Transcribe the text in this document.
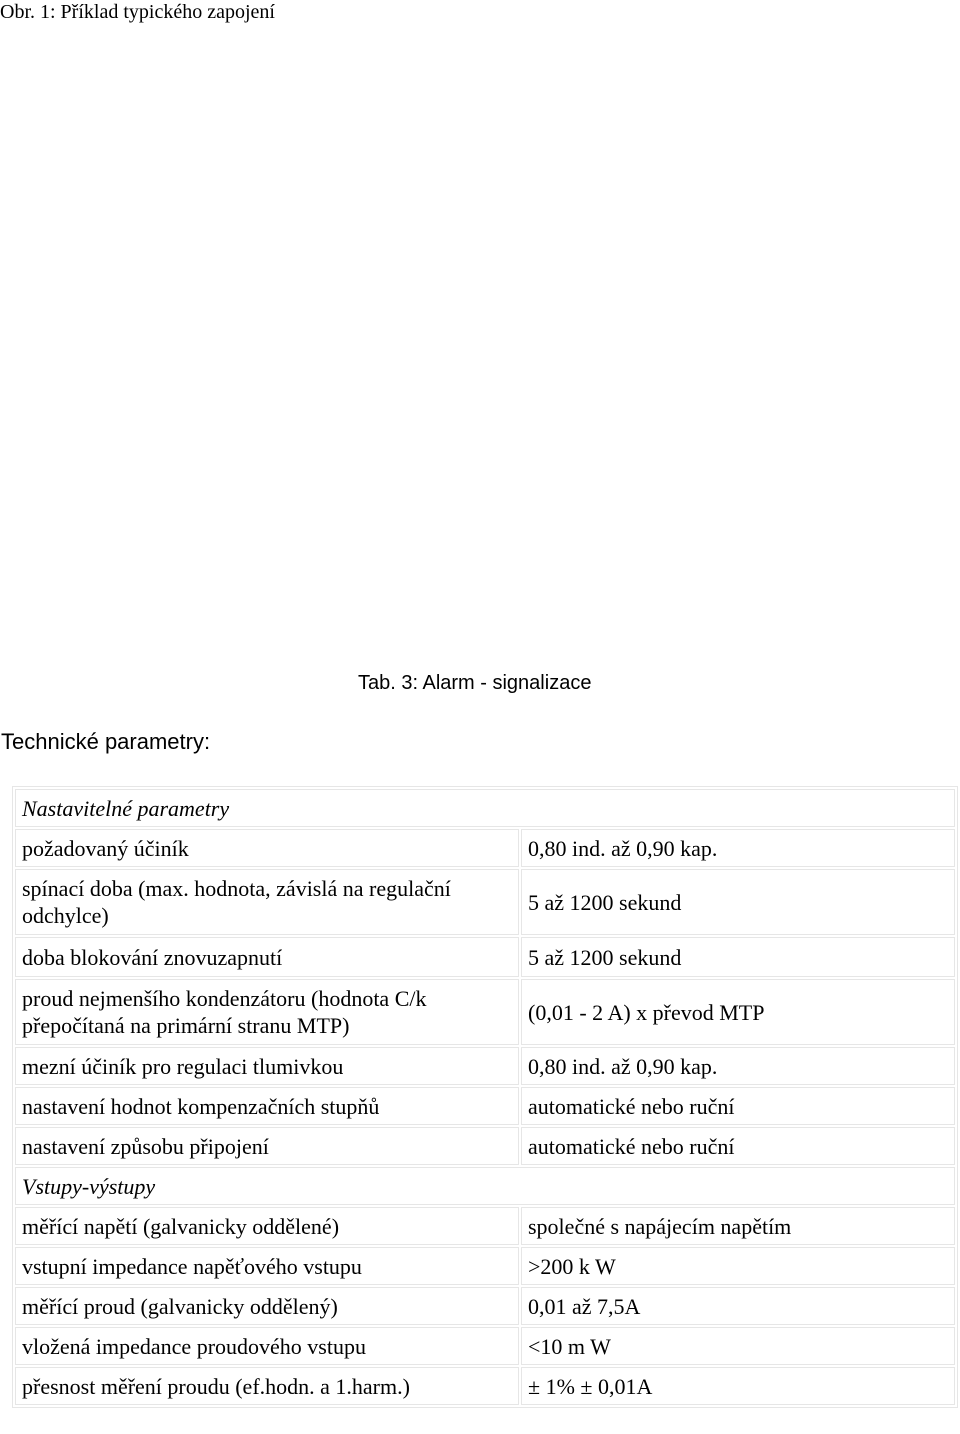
Obr. 1: Příklad typického zapojení
Tab. 3: Alarm - signalizace
Technické parametry:
Nastavitelné parametry	
požadovaný účiník	0,80 ind. až 0,90 kap.
spínací doba (max. hodnota, závislá na regulační odchylce)	5 až 1200 sekund
doba blokování znovuzapnutí	5 až 1200 sekund
proud nejmenšího kondenzátoru (hodnota C/k přepočítaná na primární stranu MTP)	(0,01 - 2 A) x převod MTP
mezní účiník pro regulaci tlumivkou	0,80 ind. až 0,90 kap.
nastavení hodnot kompenzačních stupňů	automatické nebo ruční
nastavení způsobu připojení	automatické nebo ruční
Vstupy-výstupy	
měřící napětí (galvanicky oddělené)	společné s napájecím napětím
vstupní impedance napěťového vstupu	>200 k W
měřící proud (galvanicky oddělený)	0,01 až 7,5A
vložená impedance proudového vstupu	<10 m W
přesnost měření proudu (ef.hodn. a 1.harm.)	± 1% ± 0,01A
